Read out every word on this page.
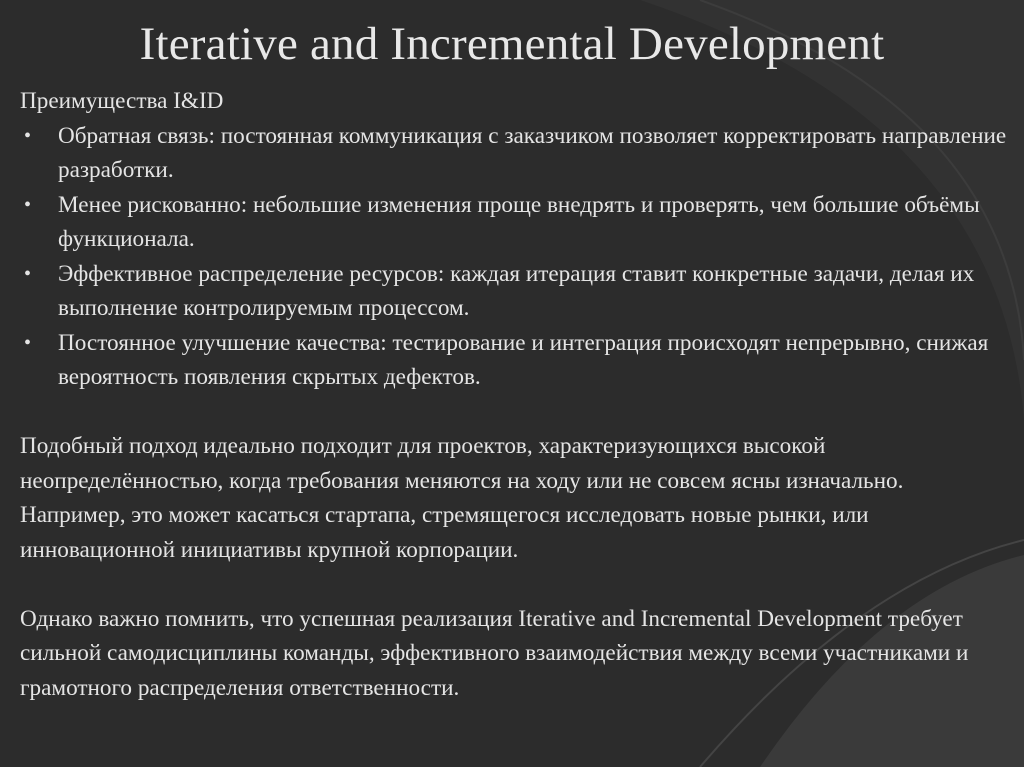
Iterative and Incremental Development

Преимущества I&ID

• Обратная связь: постоянная коммуникация с заказчиком позволяет корректировать направление разработки.
• Менее рискованно: небольшие изменения проще внедрять и проверять, чем большие объёмы функционала.
• Эффективное распределение ресурсов: каждая итерация ставит конкретные задачи, делая их выполнение контролируемым процессом.
• Постоянное улучшение качества: тестирование и интеграция происходят непрерывно, снижая вероятность появления скрытых дефектов.

Подобный подход идеально подходит для проектов, характеризующихся высокой неопределённостью, когда требования меняются на ходу или не совсем ясны изначально. Например, это может касаться стартапа, стремящегося исследовать новые рынки, или инновационной инициативы крупной корпорации.

Однако важно помнить, что успешная реализация Iterative and Incremental Development требует сильной самодисциплины команды, эффективного взаимодействия между всеми участниками и грамотного распределения ответственности.
